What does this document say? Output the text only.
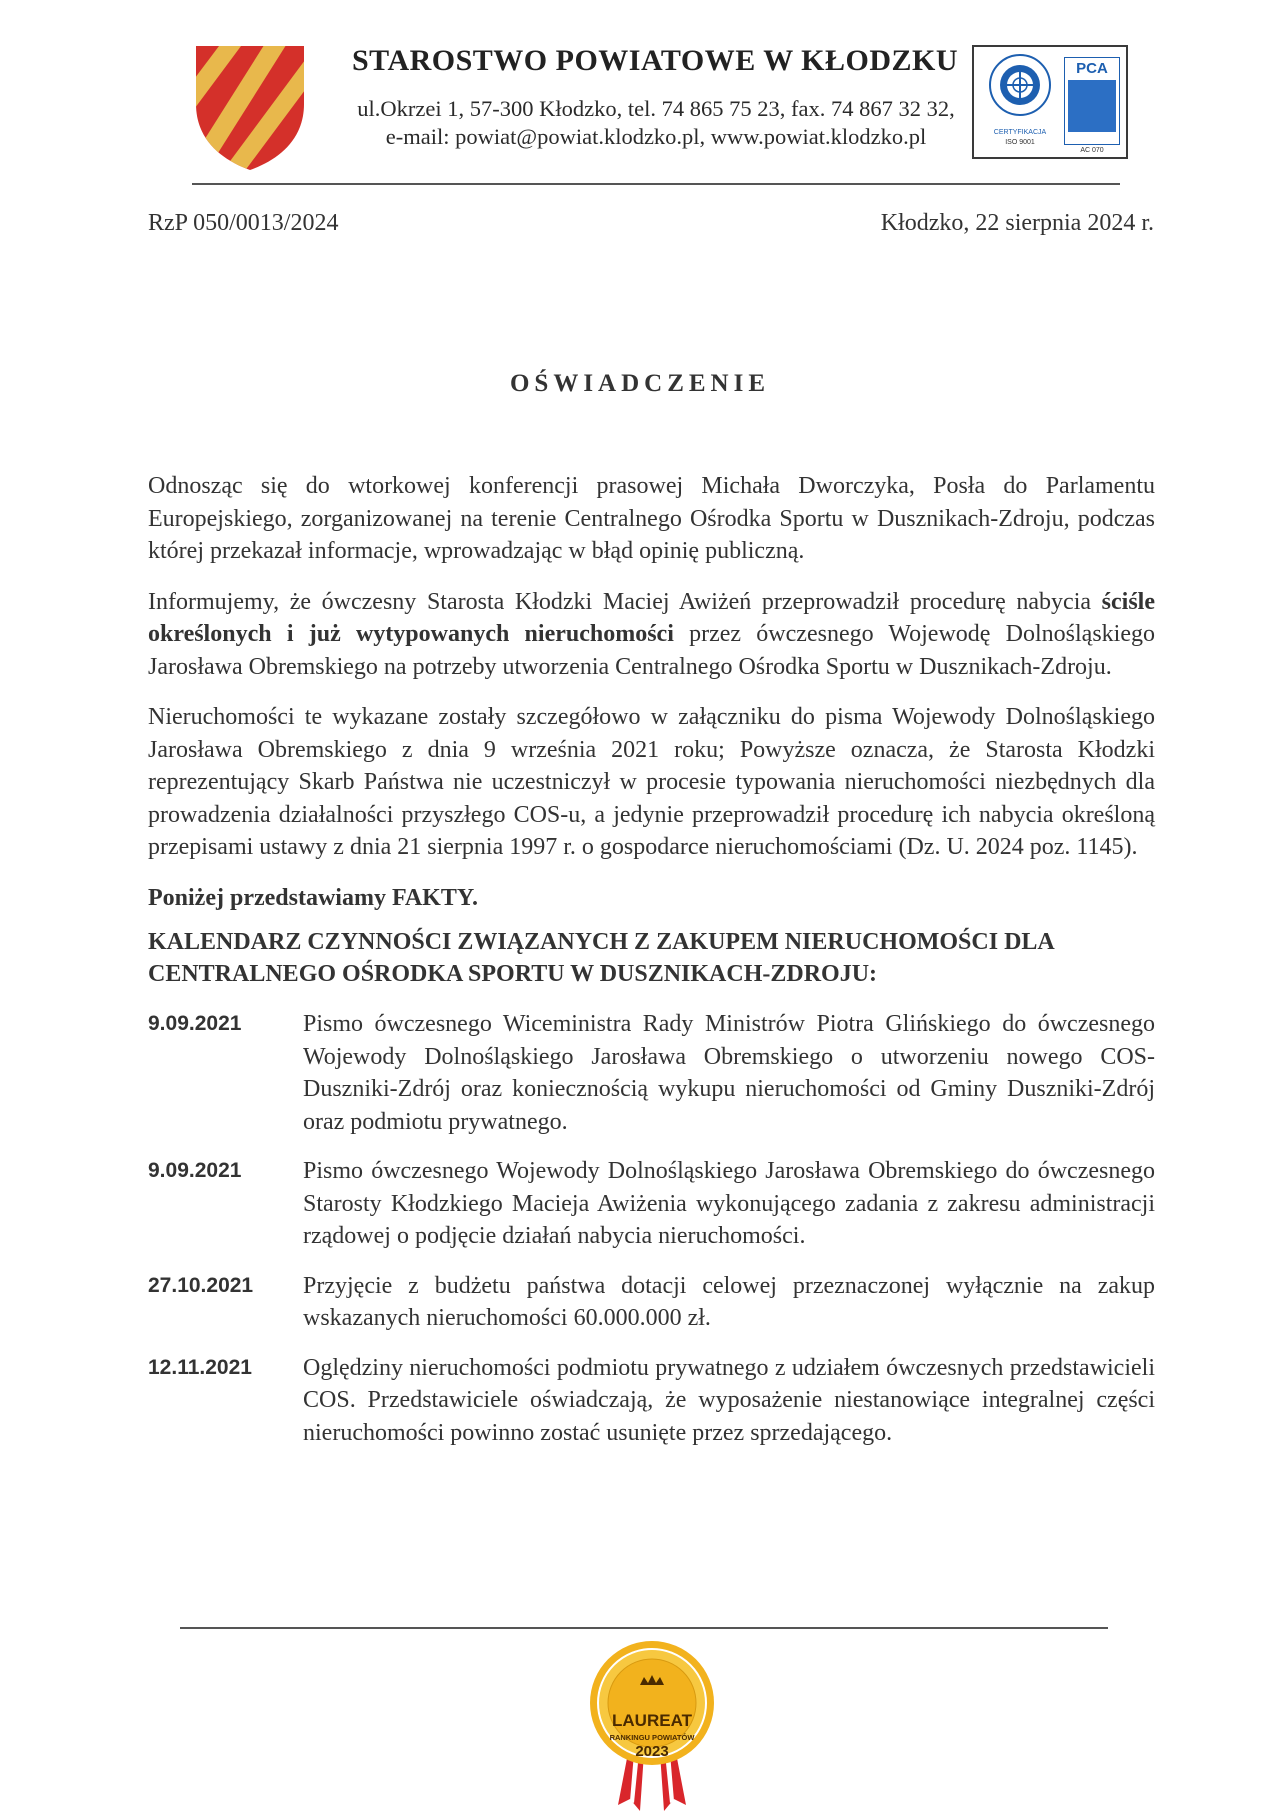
STAROSTWO POWIATOWE W KŁODZKU
ul.Okrzei 1, 57-300 Kłodzko, tel. 74 865 75 23, fax. 74 867 32 32,
e-mail: powiat@powiat.klodzko.pl, www.powiat.klodzko.pl	CERTYFIKACJA
ISO 9001
PCA
AC 070
RzP 050/0013/2024	Kłodzko, 22 sierpnia 2024 r.
OŚWIADCZENIE

Odnosząc się do wtorkowej konferencji prasowej Michała Dworczyka, Posła do Parlamentu Europejskiego, zorganizowanej na terenie Centralnego Ośrodka Sportu w Dusznikach-Zdroju, podczas której przekazał informacje, wprowadzając w błąd opinię publiczną.

Informujemy, że ówczesny Starosta Kłodzki Maciej Awiżeń przeprowadził procedurę nabycia ściśle określonych i już wytypowanych nieruchomości przez ówczesnego Wojewodę Dolnośląskiego Jarosława Obremskiego na potrzeby utworzenia Centralnego Ośrodka Sportu w Dusznikach-Zdroju.

Nieruchomości te wykazane zostały szczegółowo w załączniku do pisma Wojewody Dolnośląskiego Jarosława Obremskiego z dnia 9 września 2021 roku; Powyższe oznacza, że Starosta Kłodzki reprezentujący Skarb Państwa nie uczestniczył w procesie typowania nieruchomości niezbędnych dla prowadzenia działalności przyszłego COS-u, a jedynie przeprowadził procedurę ich nabycia określoną przepisami ustawy z dnia 21 sierpnia 1997 r. o gospodarce nieruchomościami (Dz. U. 2024 poz. 1145).

Poniżej przedstawiamy FAKTY.

KALENDARZ CZYNNOŚCI ZWIĄZANYCH Z ZAKUPEM NIERUCHOMOŚCI DLA CENTRALNEGO OŚRODKA SPORTU W DUSZNIKACH-ZDROJU:
9.09.2021	Pismo ówczesnego Wiceministra Rady Ministrów Piotra Glińskiego do ówczesnego Wojewody Dolnośląskiego Jarosława Obremskiego o utworzeniu nowego COS-Duszniki-Zdrój oraz koniecznością wykupu nieruchomości od Gminy Duszniki-Zdrój oraz podmiotu prywatnego.
9.09.2021	Pismo ówczesnego Wojewody Dolnośląskiego Jarosława Obremskiego do ówczesnego Starosty Kłodzkiego Macieja Awiżenia wykonującego zadania z zakresu administracji rządowej o podjęcie działań nabycia nieruchomości.
27.10.2021 Przyjęcie z budżetu państwa dotacji celowej przeznaczonej wyłącznie na zakup wskazanych nieruchomości 60.000.000 zł.
12.11.2021 Oględziny nieruchomości podmiotu prywatnego z udziałem ówczesnych przedstawicieli COS. Przedstawiciele oświadczają, że wyposażenie niestanowiące integralnej części nieruchomości powinno zostać usunięte przez sprzedającego.
LAUREAT
RANKINGU POWIATÓW
2023
